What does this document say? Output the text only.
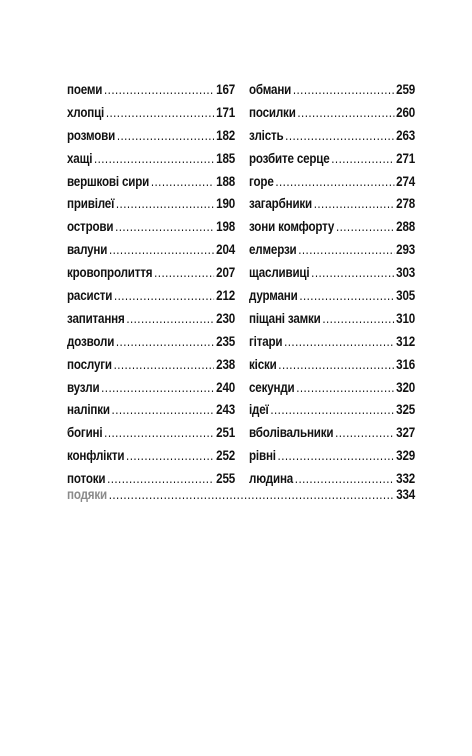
поеми .....	167
хлопці .....	171
розмови .....	182
хащі .....	185
вершкові сири .....	188
привілеї .....	190
острови .....	198
валуни .....	204
кровопролиття .....	207
расисти .....	212
запитання .....	230
дозволи .....	235
послуги .....	238
вузли .....	240
наліпки .....	243
богині .....	251
конфлікти .....	252
потоки .....	255
обмани .....	259
посилки .....	260
злість .....	263
розбите серце .....	271
горе .....	274
загарбники .....	278
зони комфорту .....	288
елмерзи .....	293
щасливиці .....	303
дурмани .....	305
піщані замки .....	310
гітари .....	312
кіски .....	316
секунди .....	320
ідеї .....	325
вболівальники .....	327
рівні .....	329
людина .....	332
подяки .....	334
